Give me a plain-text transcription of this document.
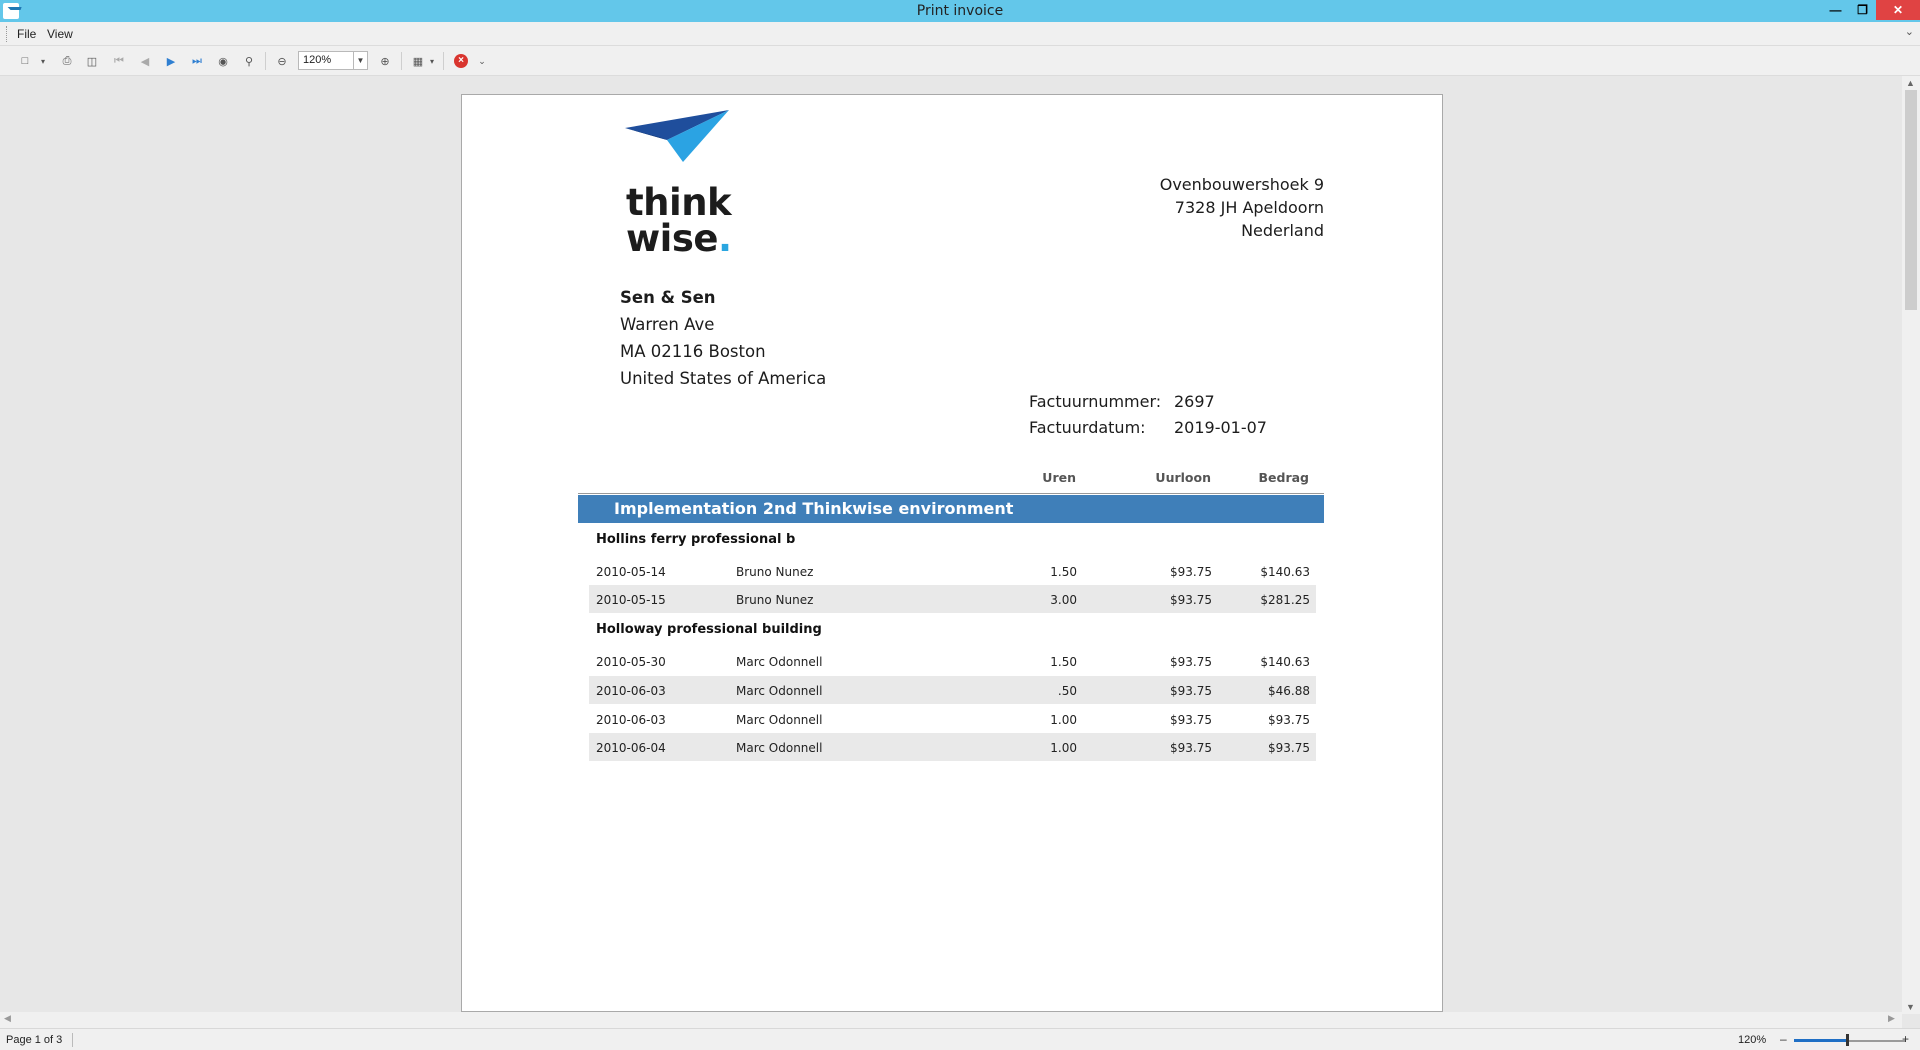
Print invoice	—	❐	✕
File View	⌄
□	▾	⎙	◫ ⏮	◀	▶	⏭ ◉	⚲	⊖	120%	▼	⊕	▦ ▾	×	⌄
▲
▼
◀	▶
think
wise.
Ovenbouwershoek 9
7328 JH Apeldoorn
Nederland
Sen & Sen
Warren Ave
MA 02116 Boston
United States of America
Factuurnummer: 2697
Factuurdatum:	2019-01-07
Uren	Uurloon	Bedrag
Implementation 2nd Thinkwise environment
Hollins ferry professional b
2010-05-14	Bruno Nunez	1.50	$93.75	$140.63
2010-05-15	Bruno Nunez	3.00	$93.75	$281.25
Holloway professional building
2010-05-30	Marc Odonnell	1.50	$93.75	$140.63
2010-06-03	Marc Odonnell	.50	$93.75	$46.88
2010-06-03	Marc Odonnell	1.00	$93.75	$93.75
2010-06-04	Marc Odonnell	1.00	$93.75	$93.75
Page 1 of 3	120% –	+
